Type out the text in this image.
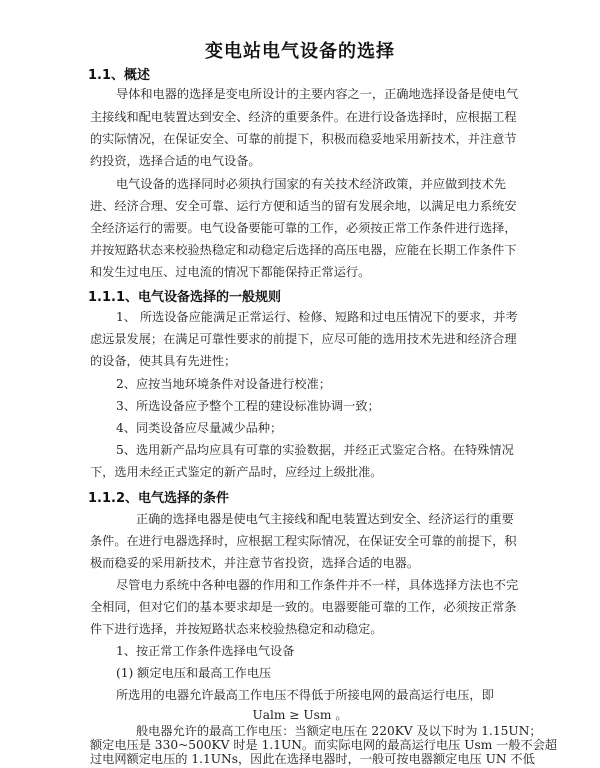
变电站电气设备的选择
1.1、概述
导体和电器的选择是变电所设计的主要内容之一，正确地选择设备是使电气
主接线和配电装置达到安全、经济的重要条件。在进行设备选择时，应根据工程
的实际情况，在保证安全、可靠的前提下，积极而稳妥地采用新技术，并注意节
约投资，选择合适的电气设备。
电气设备的选择同时必须执行国家的有关技术经济政策，并应做到技术先
进、经济合理、安全可靠、运行方便和适当的留有发展余地，以满足电力系统安
全经济运行的需要。电气设备要能可靠的工作，必须按正常工作条件进行选择，
并按短路状态来校验热稳定和动稳定后选择的高压电器，应能在长期工作条件下
和发生过电压、过电流的情况下都能保持正常运行。
1.1.1、电气设备选择的一般规则
1、 所选设备应能满足正常运行、检修、短路和过电压情况下的要求，并考
虑远景发展；在满足可靠性要求的前提下，应尽可能的选用技术先进和经济合理
的设备，使其具有先进性；
2、应按当地环境条件对设备进行校准；
3、所选设备应予整个工程的建设标准协调一致；
4、同类设备应尽量减少品种；
5、选用新产品均应具有可靠的实验数据，并经正式鉴定合格。在特殊情况
下，选用未经正式鉴定的新产品时，应经过上级批准。
1.1.2、电气选择的条件
正确的选择电器是使电气主接线和配电装置达到安全、经济运行的重要
条件。在进行电器选择时，应根据工程实际情况，在保证安全可靠的前提下，积
极而稳妥的采用新技术，并注意节省投资，选择合适的电器。
尽管电力系统中各种电器的作用和工作条件并不一样，具体选择方法也不完
全相同，但对它们的基本要求却是一致的。电器要能可靠的工作，必须按正常条
件下进行选择，并按短路状态来校验热稳定和动稳定。
1、按正常工作条件选择电气设备
(1) 额定电压和最高工作电压
所选用的电器允许最高工作电压不得低于所接电网的最高运行电压，即
Ualm ≥ Usm 。
般电器允许的最高工作电压：当额定电压在 220KV 及以下时为 1.15UN；
额定电压是 330~500KV 时是 1.1UN。而实际电网的最高运行电压 Usm 一般不会超
过电网额定电压的 1.1UNs，因此在选择电器时，一般可按电器额定电压 UN 不低
